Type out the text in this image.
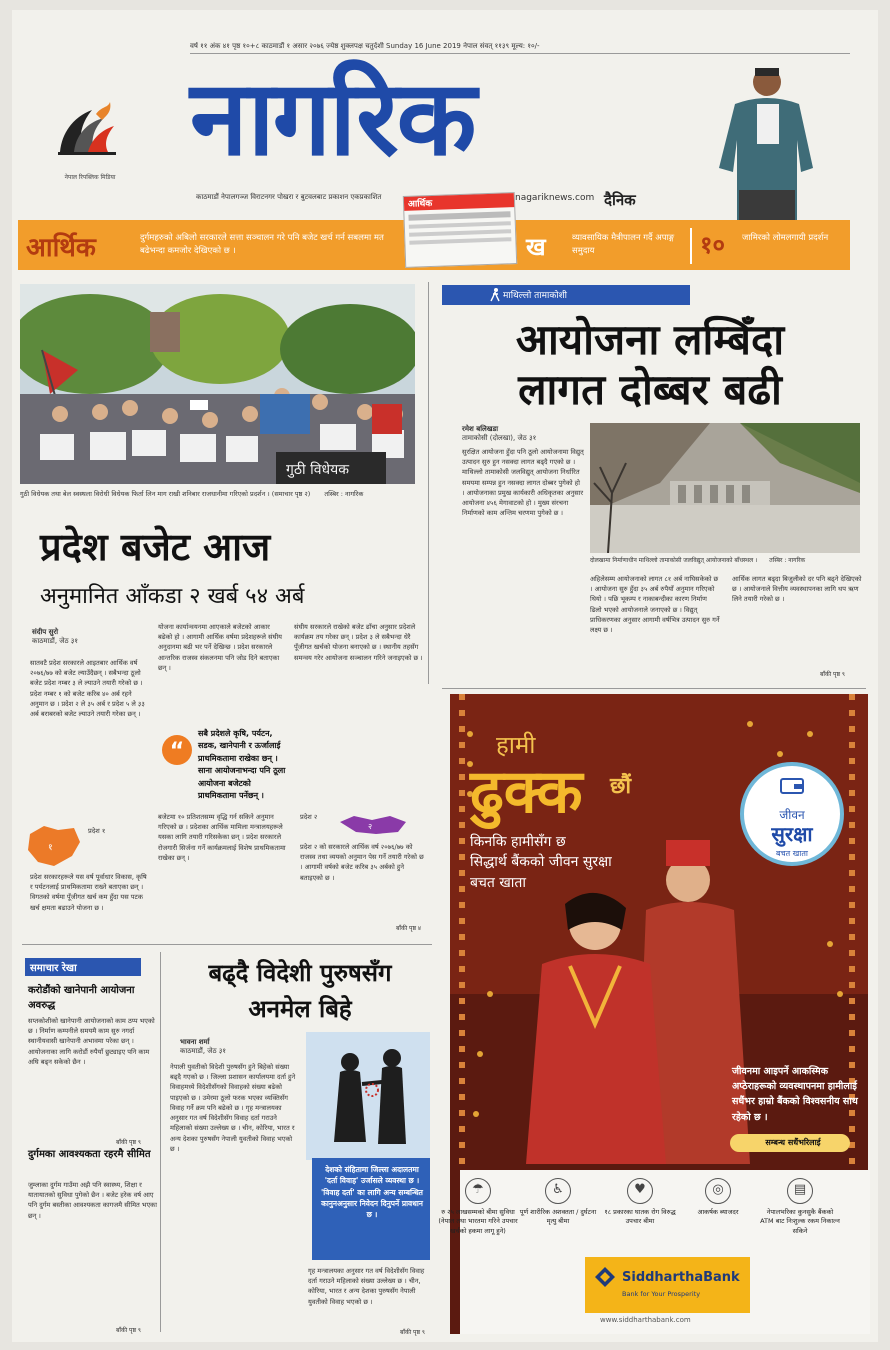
वर्ष ११ अंक ४१ पृष्ठ १०+८ काठमाडौं १ असार २०७६ ज्येष्ठ शुक्लपक्ष चतुर्दशी Sunday 16 June 2019 नेपाल संवत् ११३९ मूल्य: १०/-
नेपाल रिपब्लिक मिडिया नागरिक
काठमाडौं नेपालगञ्ज विराटनगर पोखरा र बुटवलबाट प्रकाशन एकप्रकाशित	nagariknews.com दैनिक
आर्थिक	दुर्गमहरुको अबिलो सरकारले सत्ता सञ्चालन गरे पनि बजेट खर्च गर्न सबलमा मत बढेभन्दा कमजोर देखिएको छ ।
आर्थिक
ख	व्यावसायिक मैत्रीपालन गर्दै अपाङ्ग समुदाय	१० जामिरको लोमलगायी प्रदर्शन
गुठी विधेयक
गुठी विधेयक तथा बेल स्वस्थला विरोधी विधेयक फिर्ता लिन माग राखी शनिबार राजधानीमा गरिएको प्रदर्शन । (समाचार पृष्ठ २) तस्बिर : नागरिक
माथिल्लो तामाकोशी
आयोजना लम्बिँदा
लागत दोब्बर बढी
रमेश बलिखडा
तामाकोसी (दोलखा), जेठ ३१
सुरक्षित आयोजना हुँदा पनि ठूलो आयोजनामा विद्युत् उत्पादन सुरु हुन नसक्दा लागत बढ्दै गएको छ । माथिल्लो तामाकोसी जलविद्युत् आयोजना निर्धारित समयमा सम्पन्न हुन नसक्दा लागत दोब्बर पुगेको हो । आयोजनाका प्रमुख कार्यकारी अधिकृतका अनुसार आयोजना ४५६ मेगावाटको हो । मुख्य संरचना निर्माणको काम अन्तिम चरणमा पुगेको छ ।
दोलखामा निर्माणाधीन माथिल्लो तामाकोसी जलविद्युत् आयोजनाको बाँधस्थल । तस्बिर : नागरिक
अहिलेसम्म आयोजनाको लागत ८१ अर्ब नाघिसकेको छ । आयोजना सुरु हुँदा ३५ अर्ब रुपैयाँ अनुमान गरिएको थियो । पछि भूकम्प र नाकाबन्दीका कारण निर्माण ढिलो भएको आयोजनाले जनाएको छ । विद्युत् प्राधिकरणका अनुसार आगामी वर्षभित्र उत्पादन सुरु गर्ने लक्ष्य छ ।
आर्थिक लागत बढ्दा बिजुलीको दर पनि बढ्ने देखिएको छ । आयोजनाले वित्तीय व्यवस्थापनका लागि थप ऋण लिने तयारी गरेको छ ।
बाँकी पृष्ठ ९
प्रदेश बजेट आज
अनुमानित आँकडा २ खर्ब ५४ अर्ब
संदीप सुरो
काठमाडौं, जेठ ३१
सातवटै प्रदेश सरकारले आइतबार आर्थिक वर्ष २०७६/७७ को बजेट ल्याउँदैछन् । सबैभन्दा ठूलो बजेट प्रदेश नम्बर ३ ले ल्याउने तयारी गरेको छ । प्रदेश नम्बर १ को बजेट करिब ४० अर्ब रहने अनुमान छ । प्रदेश २ ले ३५ अर्ब र प्रदेश ५ ले ३३ अर्ब बराबरको बजेट ल्याउने तयारी गरेका छन् ।
प्रदेश सरकारहरूले यस वर्ष पूर्वाधार विकास, कृषि र पर्यटनलाई प्राथमिकतामा राख्ने बताएका छन् । विगतको वर्षमा पूँजीगत खर्च कम हुँदा यस पटक खर्च क्षमता बढाउने योजना छ ।
१
प्रदेश १
योजना कार्यान्वयनमा आएकाले बजेटको आकार बढेको हो । आगामी आर्थिक वर्षमा प्रदेशहरूले संघीय अनुदानमा बढी भर पर्ने देखिन्छ । प्रदेश सरकारले आन्तरिक राजस्व संकलनमा पनि जोड दिने बताएका छन् ।
“
सबै प्रदेशले कृषि, पर्यटन, सडक, खानेपानी र ऊर्जालाई प्राथमिकतामा राखेका छन् । साना आयोजनाभन्दा पनि ठूला आयोजना बजेटको प्राथमिकतामा पर्नेछन् ।
बजेटमा १० प्रतिशतसम्म वृद्धि गर्न सकिने अनुमान गरिएको छ । प्रदेशका आर्थिक मामिला मन्त्रालयहरूले यसका लागि तयारी गरिसकेका छन् । प्रदेश सरकारले रोजगारी सिर्जना गर्ने कार्यक्रमलाई विशेष प्राथमिकतामा राखेका छन् ।
संघीय सरकारले राखेको बजेट ढाँचा अनुसार प्रदेशले कार्यक्रम तय गरेका छन् । प्रदेश ३ ले सबैभन्दा धेरै पूँजीगत खर्चको योजना बनाएको छ । स्थानीय तहसँग समन्वय गरेर आयोजना सञ्चालन गरिने जनाइएको छ ।
२
प्रदेश २
प्रदेश २ को सरकारले आर्थिक वर्ष २०७६/७७ को राजस्व तथा व्ययको अनुमान पेस गर्ने तयारी गरेको छ । आगामी वर्षको बजेट करिब ३५ अर्बको हुने बताइएको छ ।
बाँकी पृष्ठ ४
समाचार रेखा
करोडौंको खानेपानी आयोजना अवरुद्ध
सप्तकोशीको खानेपानी आयोजनाको काम ठप्प भएको छ । निर्माण कम्पनीले समयमै काम सुरु नगर्दा स्थानीयवासी खानेपानी अभावमा परेका छन् । आयोजनाका लागि करोडौं रुपैयाँ छुट्याइए पनि काम अघि बढ्न सकेको छैन ।
बाँकी पृष्ठ ९
दुर्गमका आवश्यकता रहरमै सीमित
जुम्लाका दुर्गम गाउँमा अझै पनि स्वास्थ्य, शिक्षा र यातायातको सुविधा पुगेको छैन । बजेट हरेक वर्ष आए पनि दुर्गम बस्तीका आवश्यकता कागजमै सीमित भएका छन् ।
बाँकी पृष्ठ ९
बढ्दै विदेशी पुरुषसँग
अनमेल बिहे
भावना शर्मा
काठमाडौं, जेठ ३१
नेपाली युवतीको विदेशी पुरुषसँग हुने बिहेको संख्या बढ्दै गएको छ । जिल्ला प्रशासन कार्यालयमा दर्ता हुने विवाहमध्ये विदेशीसँगको विवाहको संख्या बढेको पाइएको छ । उमेरमा ठूलो फरक भएका व्यक्तिसँग विवाह गर्ने क्रम पनि बढेको छ । गृह मन्त्रालयका अनुसार गत वर्ष विदेशीसँग विवाह दर्ता गराउने महिलाको संख्या उल्लेख्य छ । चीन, कोरिया, भारत र अन्य देशका पुरुषसँग नेपाली युवतीको विवाह भएको छ ।
देशको संहितामा जिल्ला अदालतमा 'दर्ता विवाह' उर्जासले व्यवस्था छ । 'विवाह दर्ता' का लागि अन्य सम्बन्धित कानुनअनुसार निवेदन दिनुपर्ने प्रावधान छ ।
गृह मन्त्रालयका अनुसार गत वर्ष विदेशीसँग विवाह दर्ता गराउने महिलाको संख्या उल्लेख्य छ । चीन, कोरिया, भारत र अन्य देशका पुरुषसँग नेपाली युवतीको विवाह भएको छ ।
बाँकी पृष्ठ ९
हामी
ढुक्क छौं
किनकि हामीसँग छ
सिद्धार्थ बैंकको जीवन सुरक्षा
बचत खाता
जीवन
सुरक्षा
बचत खाता
जीवनमा आइपर्ने आकस्मिक अप्ठेराहरूको व्यवस्थापनमा हामीलाई सधैंभर हाम्रो बैंकको विश्वसनीय साथ रहेको छ ।
सम्बन्ध सधैंभरिलाई
☂
रु २५ लाखसम्मको बीमा सुविधा (नेपाल तथा भारतमा गरिने उपचार खर्चको हकमा लागू हुने)
♿
पूर्ण शारीरिक अशक्तता / दुर्घटना मृत्यु बीमा
♥
१८ प्रकारका घातक रोग विरुद्ध उपचार बीमा
◎
आकर्षक ब्याजदर
▤
नेपालभरिका कुनसुकै बैंकको ATM बाट निःशुल्क रकम निकाल्न सकिने
SiddharthaBank
Bank for Your Prosperity
www.siddharthabank.com
